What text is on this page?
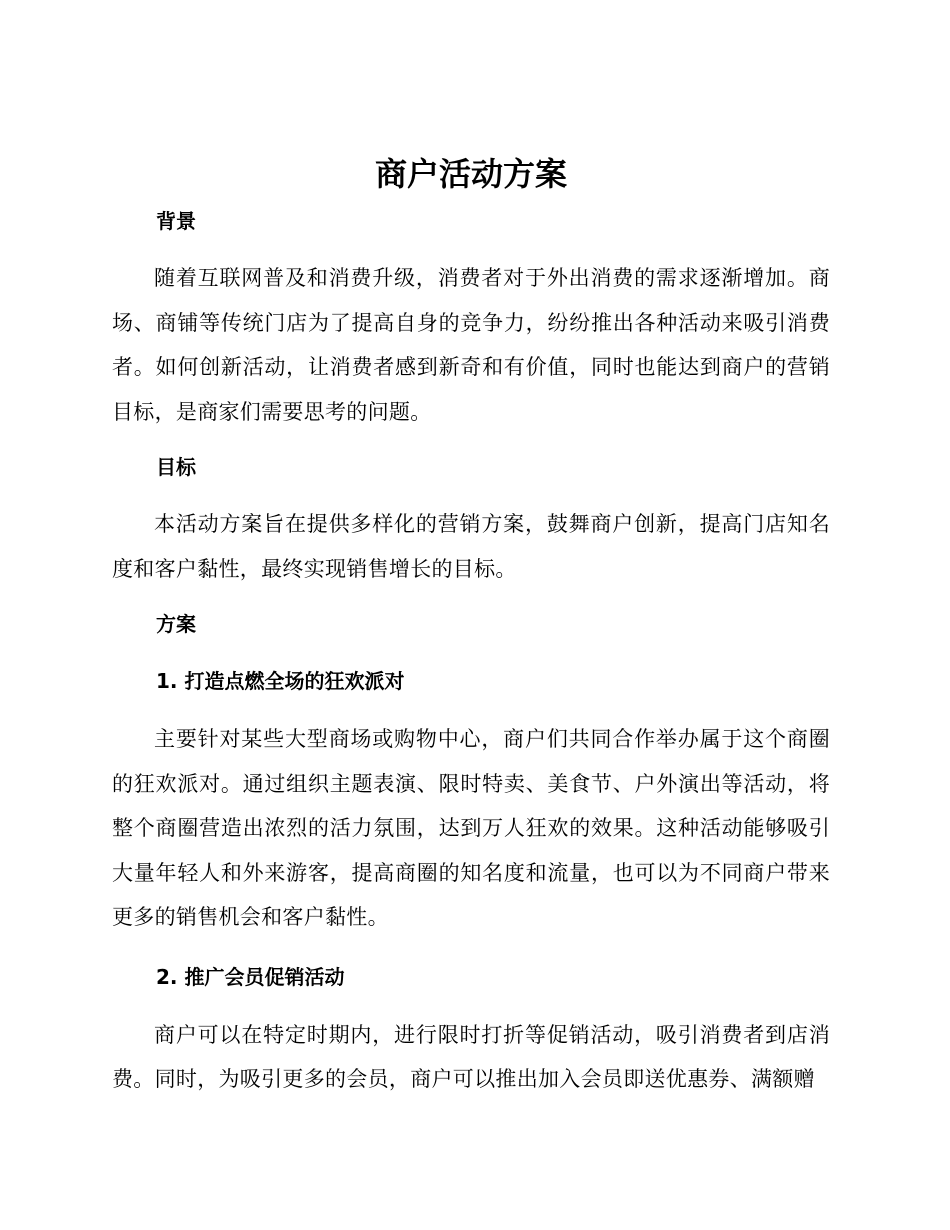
商户活动方案
背景

随着互联网普及和消费升级，消费者对于外出消费的需求逐渐增加。商场、商铺等传统门店为了提高自身的竞争力，纷纷推出各种活动来吸引消费者。如何创新活动，让消费者感到新奇和有价值，同时也能达到商户的营销目标，是商家们需要思考的问题。

目标

本活动方案旨在提供多样化的营销方案，鼓舞商户创新，提高门店知名度和客户黏性，最终实现销售增长的目标。

方案
1. 打造点燃全场的狂欢派对

主要针对某些大型商场或购物中心，商户们共同合作举办属于这个商圈的狂欢派对。通过组织主题表演、限时特卖、美食节、户外演出等活动，将整个商圈营造出浓烈的活力氛围，达到万人狂欢的效果。这种活动能够吸引大量年轻人和外来游客，提高商圈的知名度和流量，也可以为不同商户带来更多的销售机会和客户黏性。

2. 推广会员促销活动

商户可以在特定时期内，进行限时打折等促销活动，吸引消费者到店消费。同时，为吸引更多的会员，商户可以推出加入会员即送优惠券、满额赠
